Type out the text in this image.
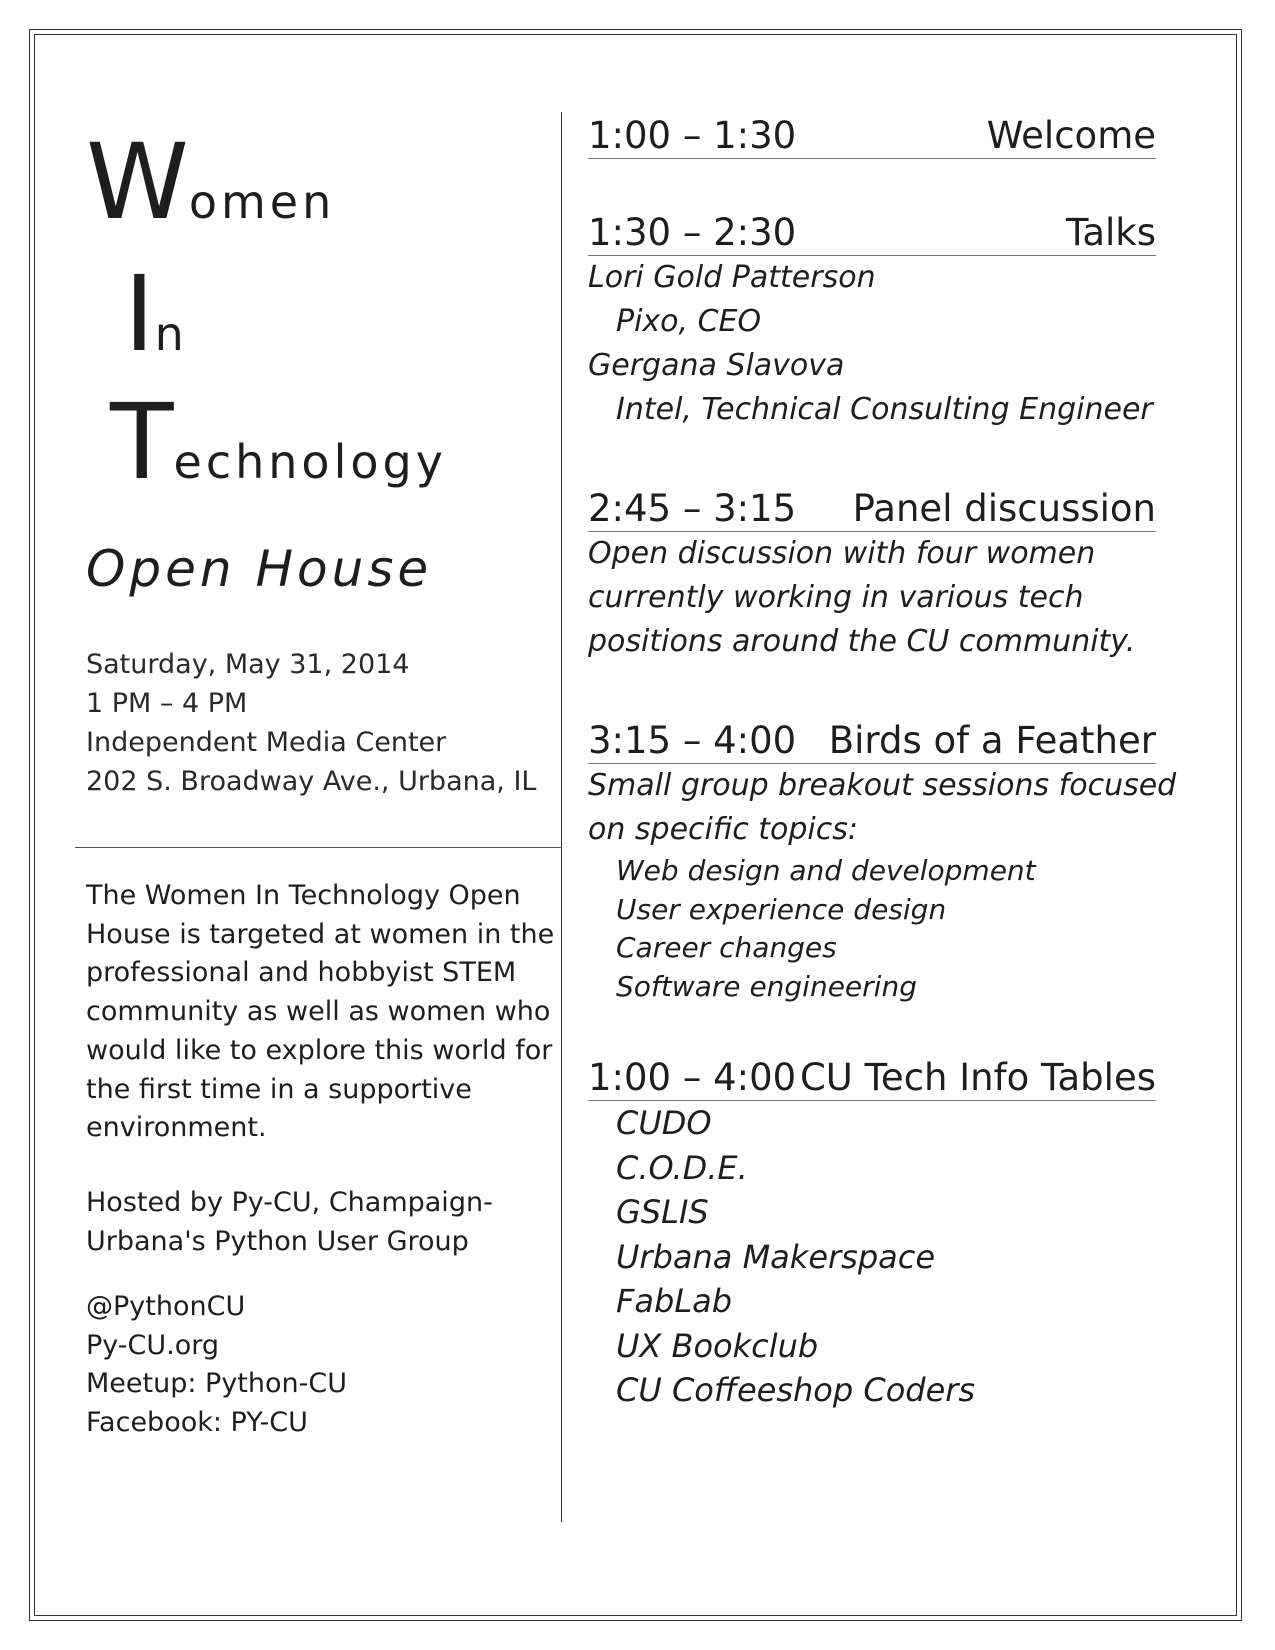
Women
In
Technology
Open House
Saturday, May 31, 2014
1 PM – 4 PM
Independent Media Center
202 S. Broadway Ave., Urbana, IL
The Women In Technology Open House is targeted at women in the professional and hobbyist STEM community as well as women who would like to explore this world for the first time in a supportive environment.
Hosted by Py-CU, Champaign-Urbana's Python User Group
@PythonCU
Py-CU.org
Meetup: Python-CU
Facebook: PY-CU
1:00 – 1:30	Welcome
1:30 – 2:30	Talks
Lori Gold Patterson
Pixo, CEO
Gergana Slavova
Intel, Technical Consulting Engineer
2:45 – 3:15 Panel discussion
Open discussion with four women
currently working in various tech
positions around the CU community.
3:15 – 4:00 Birds of a Feather
Small group breakout sessions focused
on specific topics:
Web design and development
User experience design
Career changes
Software engineering
1:00 – 4:00 CU Tech Info Tables
CUDO
C.O.D.E.
GSLIS
Urbana Makerspace
FabLab
UX Bookclub
CU Coffeeshop Coders
